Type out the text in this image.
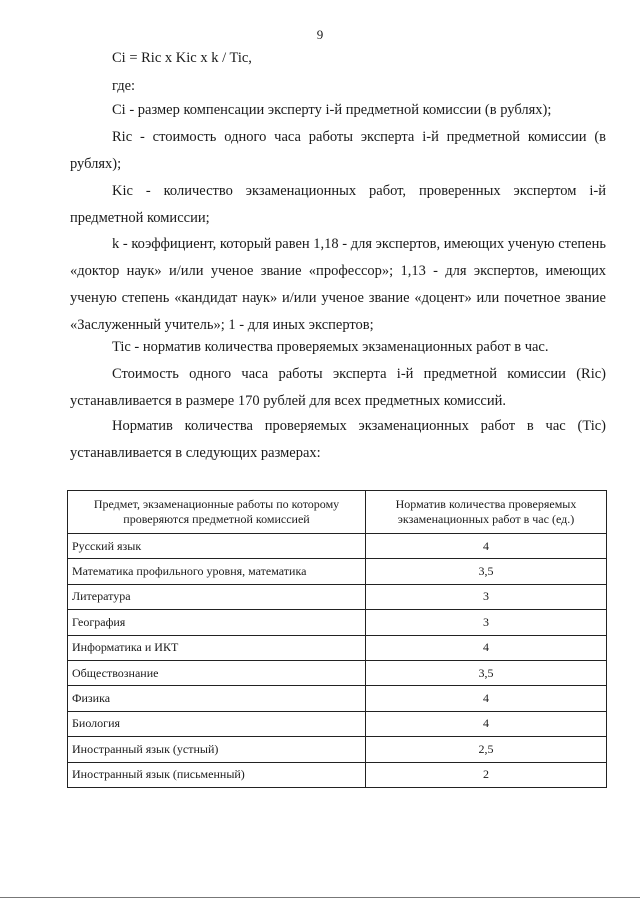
9
Ci = Ric x Kic x k / Tic,
где:

Ci - размер компенсации эксперту i-й предметной комиссии (в рублях);

Ric - стоимость одного часа работы эксперта i-й предметной комиссии (в рублях);

Kic - количество экзаменационных работ, проверенных экспертом i-й предметной комиссии;

k - коэффициент, который равен 1,18 - для экспертов, имеющих ученую степень «доктор наук» и/или ученое звание «профессор»; 1,13 - для экспертов, имеющих ученую степень «кандидат наук» и/или ученое звание «доцент» или почетное звание «Заслуженный учитель»; 1 - для иных экспертов;

Tic - норматив количества проверяемых экзаменационных работ в час.

Стоимость одного часа работы эксперта i-й предметной комиссии (Ric) устанавливается в размере 170 рублей для всех предметных комиссий.

Норматив количества проверяемых экзаменационных работ в час (Tic) устанавливается в следующих размерах:

Предмет, экзаменационные работы по которому проверяются предметной комиссией	Норматив количества проверяемых экзаменационных работ в час (ед.)
Русский язык	4
Математика профильного уровня, математика	3,5
Литература	3
География	3
Информатика и ИКТ	4
Обществознание	3,5
Физика	4
Биология	4
Иностранный язык (устный)	2,5
Иностранный язык (письменный)	2
